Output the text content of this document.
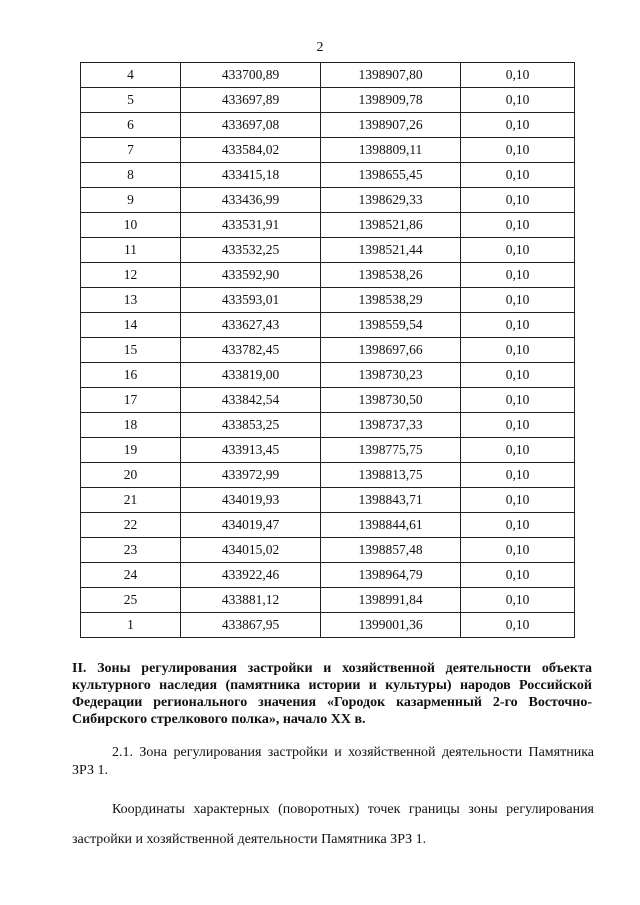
2
4	433700,89	1398907,80	0,10
5	433697,89	1398909,78	0,10
6	433697,08	1398907,26	0,10
7	433584,02	1398809,11	0,10
8	433415,18	1398655,45	0,10
9	433436,99	1398629,33	0,10
10	433531,91	1398521,86	0,10
11	433532,25	1398521,44	0,10
12	433592,90	1398538,26	0,10
13	433593,01	1398538,29	0,10
14	433627,43	1398559,54	0,10
15	433782,45	1398697,66	0,10
16	433819,00	1398730,23	0,10
17	433842,54	1398730,50	0,10
18	433853,25	1398737,33	0,10
19	433913,45	1398775,75	0,10
20	433972,99	1398813,75	0,10
21	434019,93	1398843,71	0,10
22	434019,47	1398844,61	0,10
23	434015,02	1398857,48	0,10
24	433922,46	1398964,79	0,10
25	433881,12	1398991,84	0,10
1	433867,95	1399001,36	0,10
II. Зоны регулирования застройки и хозяйственной деятельности объекта культурного наследия (памятника истории и культуры) народов Российской Федерации регионального значения «Городок казарменный 2-го Восточно-Сибирского стрелкового полка», начало XX в.
2.1. Зона регулирования застройки и хозяйственной деятельности Памятника ЗРЗ 1.
Координаты характерных (поворотных) точек границы зоны регулирования застройки и хозяйственной деятельности Памятника ЗРЗ 1.
